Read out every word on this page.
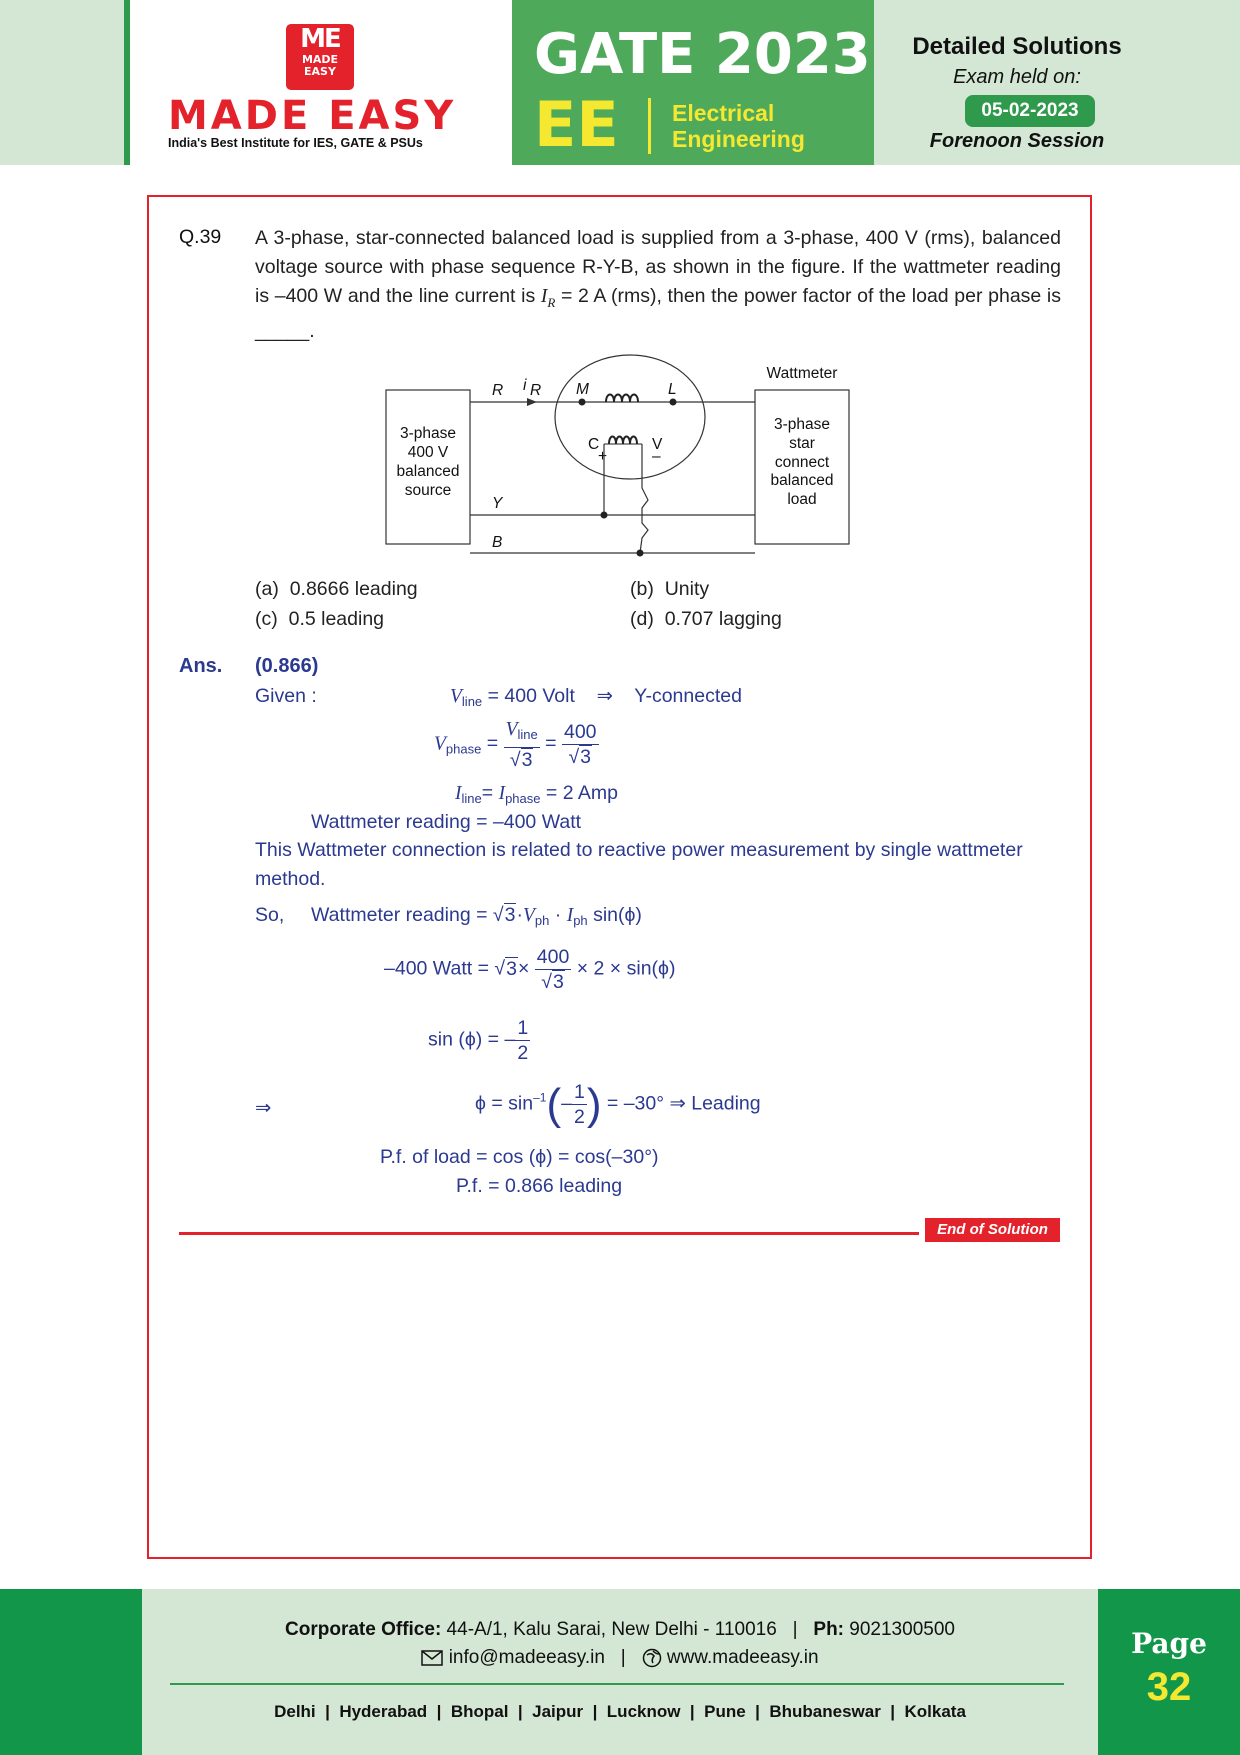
ME
MADE EASY
MADE EASY
India's Best Institute for IES, GATE & PSUs
GATE 2023
EE Electrical
Engineering
Detailed Solutions
Exam held on:
05-02-2023
Forenoon Session
Q.39 A 3-phase, star-connected balanced load is supplied from a 3-phase, 400 V (rms), balanced voltage source with phase sequence R-Y-B, as shown in the figure. If the wattmeter reading is –400 W and the line current is $I_R = 2$ A (rms), then the power factor of the load per phase is _____.
3-phase
400 V
balanced
source
3-phase
star
connect
balanced
load
Wattmeter
R
Y
B
i R M	L
C	V
+	–
(a) 0.8666 leading	(b) Unity
(c) 0.5 leading	(d) 0.707 lagging
Ans. (0.866)
Given :	$V_{line} = 400$ Volt ⇒ Y-connected
$V_{phase} = \frac{V_{line}}{√3} = \frac{400}{√3}$
$I_{line}= I_{phase} = 2$ Amp
Wattmeter reading = –400 Watt
This Wattmeter connection is related to reactive power measurement by single wattmeter method.
So, Wattmeter reading = $√3\cdot V_{ph} \cdot I_{ph}$ sin(ϕ)
–400 Watt = $√3\times \frac{400}{√3} \times 2 \times \sin(\phi)$
sin (ϕ) = – $\frac{1}{2}$
⇒	$\phi = \sin^{-1}(- \frac{1}{2}$ ) = –30° ⇒ Leading
P.f. of load = cos (ϕ) = cos(–30°)
P.f. = 0.866 leading
End of Solution
Corporate Office: 44-A/1, Kalu Sarai, New Delhi - 110016 | Ph: 9021300500
info@madeeasy.in | www.madeeasy.in
Delhi  |  Hyderabad  |  Bhopal  |  Jaipur  |  Lucknow  |  Pune  |  Bhubaneswar  |  Kolkata
Page
32
